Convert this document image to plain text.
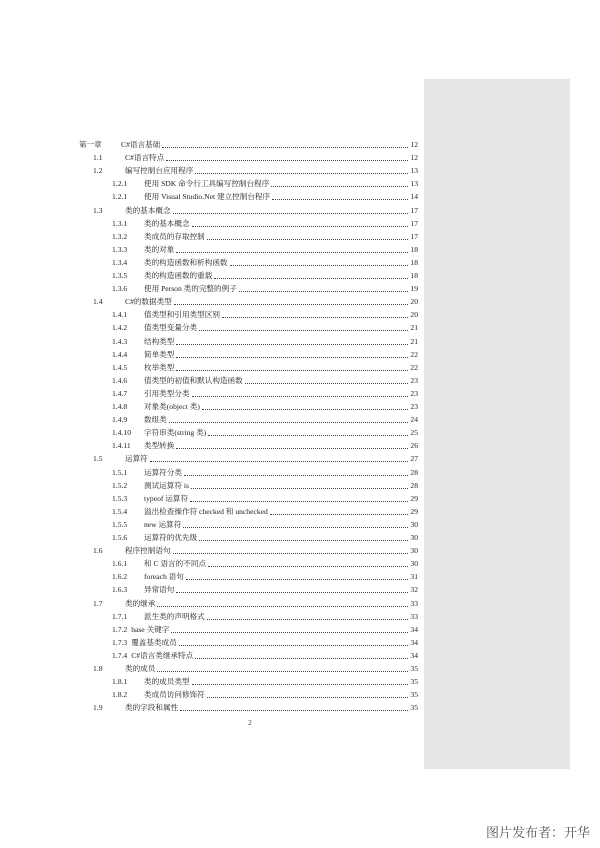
第一章	C#语言基础	12
1.1	C#语言特点	12
1.2	编写控制台应用程序	13
1.2.1	使用 SDK 命令行工具编写控制台程序	13
1.2.1	使用 Visual Studio.Net 建立控制台程序	14
1.3	类的基本概念	17
1.3.1	类的基本概念	17
1.3.2	类成员的存取控制	17
1.3.3	类的对象	18
1.3.4	类的构造函数和析构函数	18
1.3.5	类的构造函数的重载	18
1.3.6	使用 Person 类的完整的例子	19
1.4	C#的数据类型	20
1.4.1	值类型和引用类型区别	20
1.4.2	值类型变量分类	21
1.4.3	结构类型	21
1.4.4	简单类型	22
1.4.5	枚举类型	22
1.4.6	值类型的初值和默认构造函数	23
1.4.7	引用类型分类	23
1.4.8	对象类(object 类)	23
1.4.9	数组类	24
1.4.10	字符串类(string 类)	25
1.4.11	类型转换	26
1.5	运算符	27
1.5.1	运算符分类	28
1.5.2	测试运算符 is	28
1.5.3	typeof 运算符	29
1.5.4	溢出检查操作符 checked 和 unchecked	29
1.5.5	new 运算符	30
1.5.6	运算符的优先级	30
1.6	程序控制语句	30
1.6.1	和 C 语言的不同点	30
1.6.2	foreach 语句	31
1.6.3	异常语句	32
1.7	类的继承	33
1.7.1	派生类的声明格式	33
1.7.2 base 关键字	34
1.7.3 覆盖基类成员	34
1.7.4 C#语言类继承特点	34
1.8	类的成员	35
1.8.1	类的成员类型	35
1.8.2	类成员访问修饰符	35
1.9	类的字段和属性	35
2
图片发布者：开华
